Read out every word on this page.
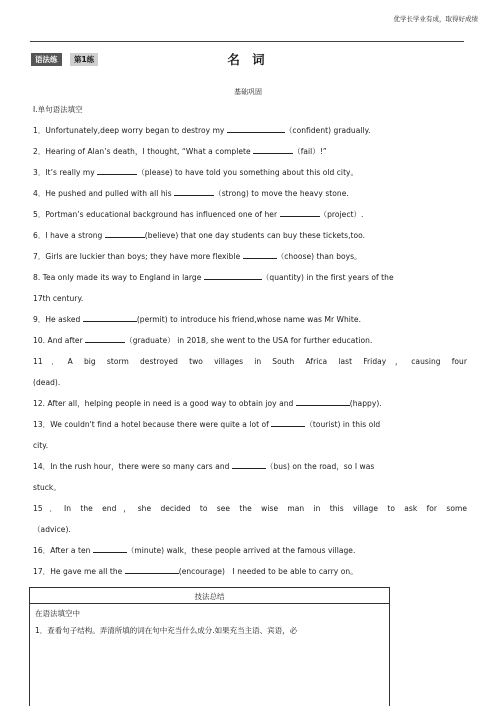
优学长学业有成，取得好成绩
语法练	第1练	名 词
基础巩固
Ⅰ.单句语法填空
1．Unfortunately,deep worry began to destroy my	（confident) gradually.
2．Hearing of Alan’s death，I thought, “What a complete	（fail）!”
3．It’s really my	（please) to have told you something about this old city。
4．He pushed and pulled with all his	（strong) to move the heavy stone.
5．Portman’s educational background has influenced one of her	（project）.
6．I have a strong	(believe) that one day students can buy these tickets,too.
7．Girls are luckier than boys; they have more flexible	（choose) than boys。
8. Tea only made its way to England in large	（quantity) in the first years of the
17th century.
9．He asked	(permit) to introduce his friend,whose name was Mr White.
10. And after	（graduate） in 2018, she went to the USA for further education.
11．A big storm destroyed two villages in South Africa last Friday，causing four
(dead).
12. After all，helping people in need is a good way to obtain joy and	(happy).
13．We couldn't find a hotel because there were quite a lot of	（tourist) in this old
city.
14．In the rush hour，there were so many cars and	（bus) on the road，so I was
stuck。
15．In the end，she decided to see the wise man in this village to ask for some
（advice).
16．After a ten	（minute) walk，these people arrived at the famous village.
17．He gave me all the	(encourage)　I needed to be able to carry on。
技法总结
在语法填空中
1．查看句子结构。弄清所填的词在句中充当什么成分.如果充当主语、宾语，必
